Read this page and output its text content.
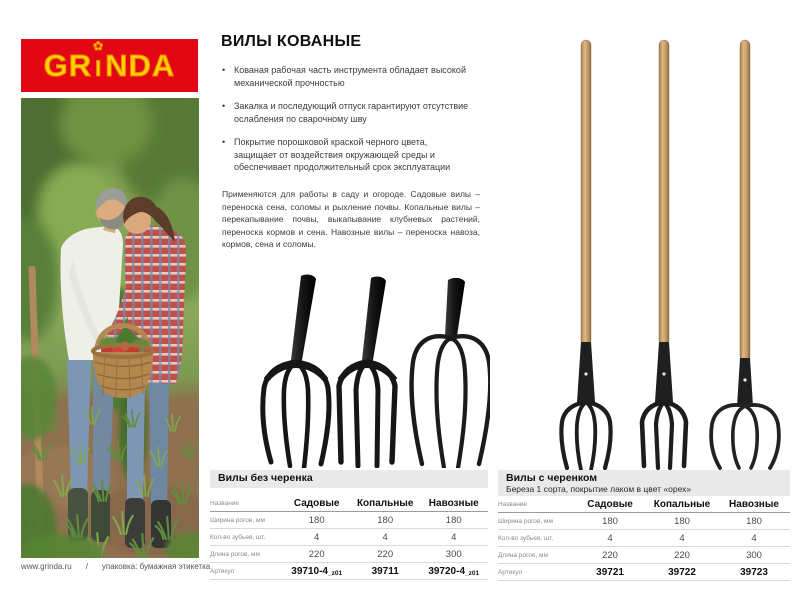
GR I
✿
NDA
ВИЛЫ КОВАНЫЕ
• Кованая рабочая часть инструмента обладает высокой механической прочностью
• Закалка и последующий отпуск гарантируют отсутствие ослабления по сварочному шву
• Покрытие порошковой краской черного цвета, защищает от воздействия окружающей среды и обеспечивает продолжительный срок эксплуатации
Применяются для работы в саду и огороде. Садовые вилы – переноска сена, соломы и рыхление почвы. Копальные вилы – перекапывание почвы, выкапывание клубневых растений, переноска кормов и сена. Навозные вилы – переноска навоза, кормов, сена и соломы.
Вилы без черенка
Название	Садовые	Копальные	Навозные
Ширина рогов, мм	180	180	180
Кол-во зубьев, шт.	4	4	4
Длина рогов, мм	220	220	300
Артикул	39710-4_z01	39711	39720-4_z01
Вилы с черенком
Береза 1 сорта, покрытие лаком в цвет «орех»
Название	Садовые	Копальные	Навозные
Ширина рогов, мм	180	180	180
Кол-во зубьев, шт.	4	4	4
Длина рогов, мм	220	220	300
Артикул	39721	39722	39723
www.grinda.ru / упаковка: бумажная этикетка
